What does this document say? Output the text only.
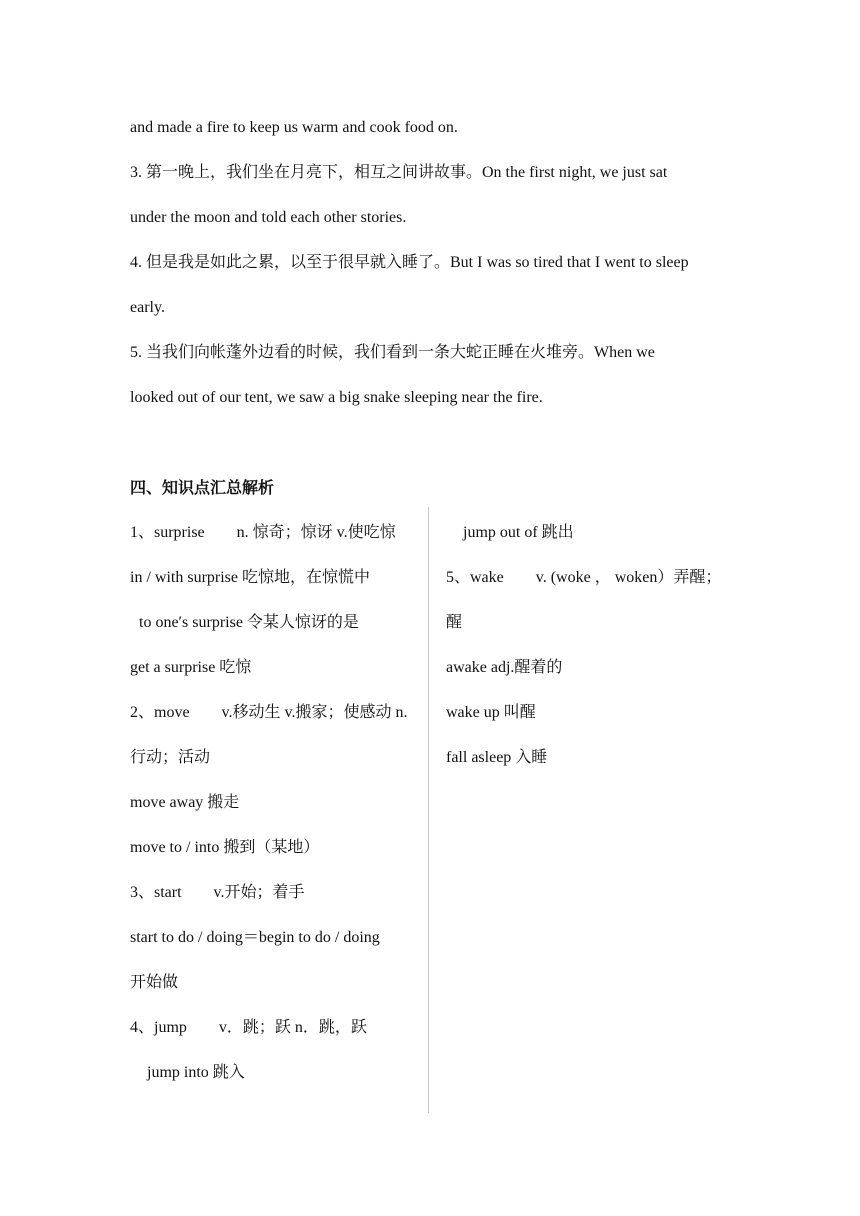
and made a fire to keep us warm and cook food on.
3. 第一晚上，我们坐在月亮下，相互之间讲故事。On the first night, we just sat
under the moon and told each other stories.
4. 但是我是如此之累，以至于很早就入睡了。But I was so tired that I went to sleep
early.
5. 当我们向帐蓬外边看的时候，我们看到一条大蛇正睡在火堆旁。When we
looked out of our tent, we saw a big snake sleeping near the fire.
四、知识点汇总解析
1、surprise　　n. 惊奇；惊讶 v.使吃惊
in / with surprise 吃惊地，在惊慌中
to one′s surprise 令某人惊讶的是
get a surprise 吃惊
2、move　　v.移动生 v.搬家；使感动 n.
行动；活动
move away 搬走
move to / into 搬到（某地）
3、start　　v.开始；着手
start to do / doing＝begin to do / doing
开始做
4、jump　　v．跳；跃 n．跳，跃
jump into 跳入
jump out of 跳出
5、wake　　v. (woke ， woken）弄醒；
醒
awake adj.醒着的
wake up 叫醒
fall asleep 入睡
